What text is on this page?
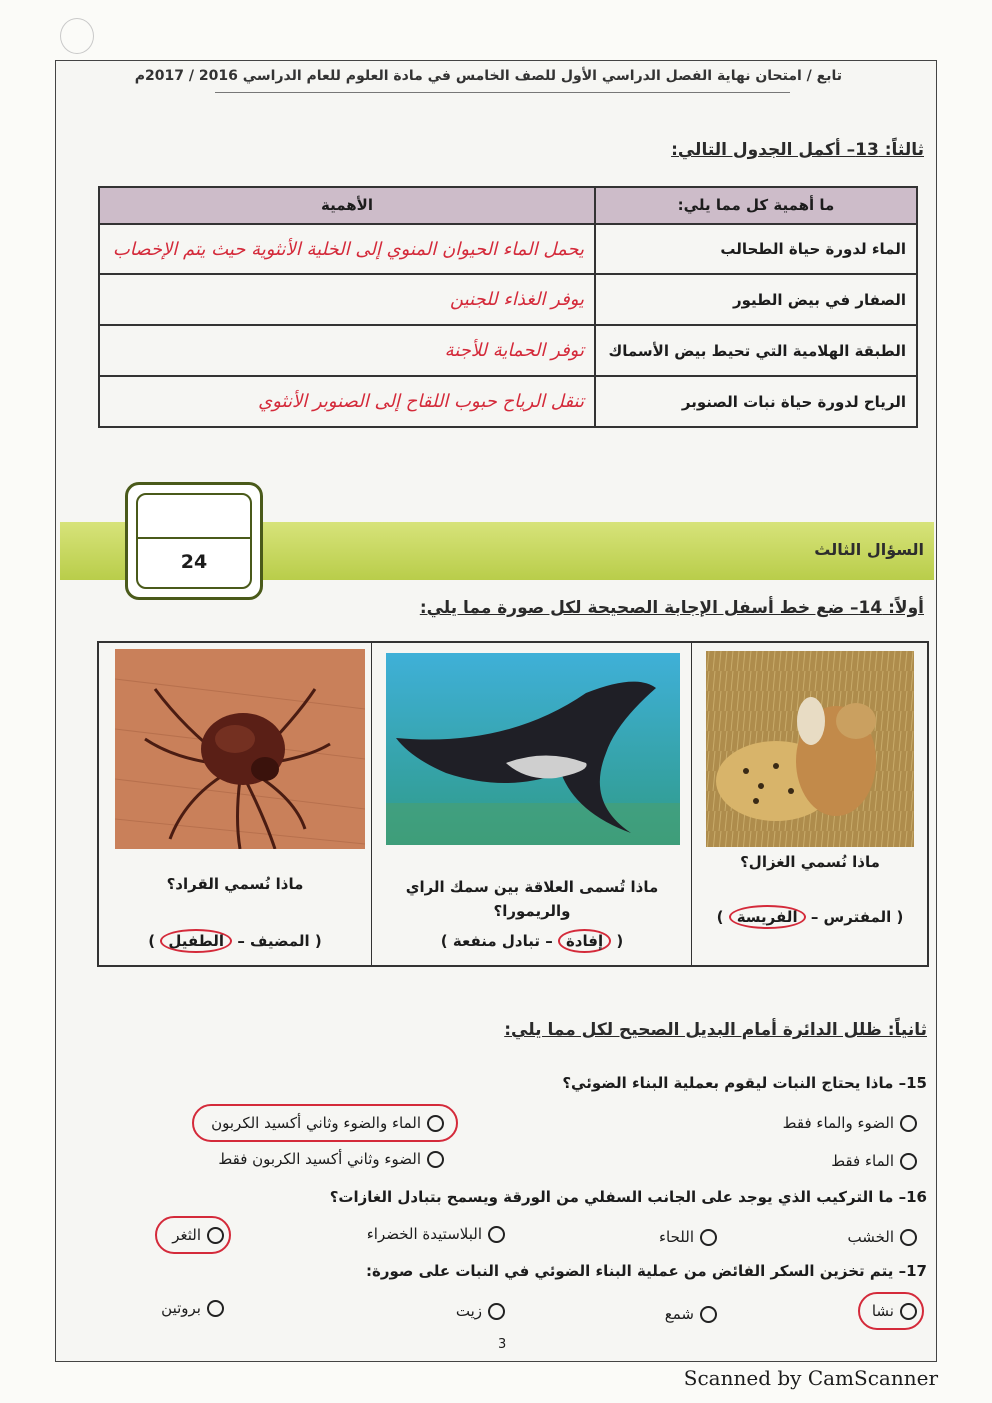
تابع / امتحان نهاية الفصل الدراسي الأول للصف الخامس في مادة العلوم للعام الدراسي 2016 / 2017م
ثالثاً: 13– أكمل الجدول التالي:
ما أهمية كل مما يلي:	الأهمية
الماء لدورة حياة الطحالب	يحمل الماء الحيوان المنوي إلى الخلية الأنثوية حيث يتم الإخصاب
الصفار في بيض الطيور	يوفر الغذاء للجنين
الطبقة الهلامية التي تحيط بيض الأسماك	توفر الحماية للأجنة
الرياح لدورة حياة نبات الصنوبر	تنقل الرياح حبوب اللقاح إلى الصنوبر الأنثوي
السؤال الثالث
24
أولاً: 14– ضع خط أسفل الإجابة الصحيحة لكل صورة مما يلي:
ماذا نُسمي الغزال؟
( المفترس – الفريسة )
ماذا تُسمى العلاقة بين سمك الراي والريمورا؟
( إفادة – تبادل منفعة )
ماذا نُسمي القراد؟
( المضيف – الطفيل )
ثانياً: ظلل الدائرة أمام البديل الصحيح لكل مما يلي:
15– ماذا يحتاج النبات ليقوم بعملية البناء الضوئي؟
الضوء والماء فقط
الماء والضوء وثاني أكسيد الكربون
الماء فقط
الضوء وثاني أكسيد الكربون فقط
16– ما التركيب الذي يوجد على الجانب السفلي من الورقة ويسمح بتبادل الغازات؟
الخشب
اللحاء
البلاستيدة الخضراء
الثغر
17– يتم تخزين السكر الفائض من عملية البناء الضوئي في النبات على صورة:
نشا
شمع
زيت
بروتين
3
Scanned by CamScanner
